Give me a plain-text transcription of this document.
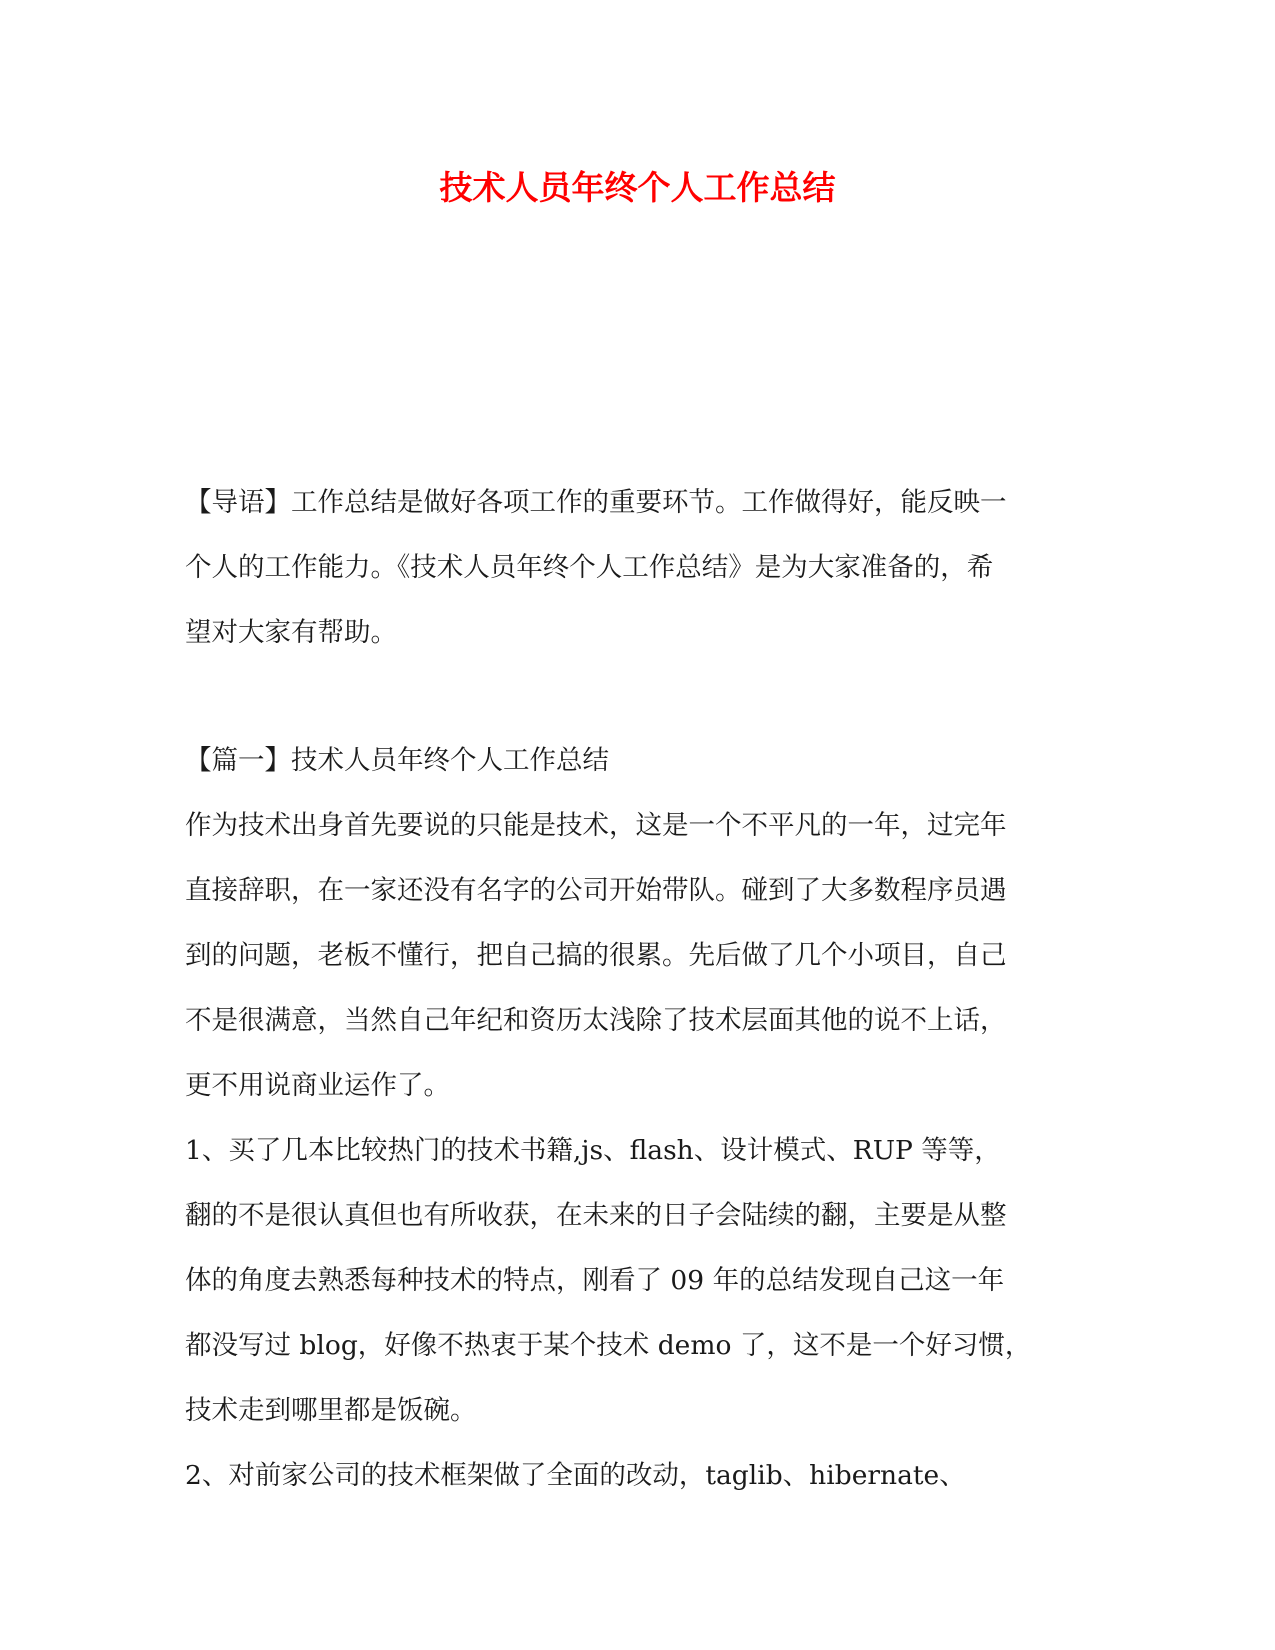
技术人员年终个人工作总结
【导语】工作总结是做好各项工作的重要环节。工作做得好，能反映一
个人的工作能力。《技术人员年终个人工作总结》是为大家准备的，希
望对大家有帮助。
【篇一】技术人员年终个人工作总结
作为技术出身首先要说的只能是技术，这是一个不平凡的一年，过完年
直接辞职，在一家还没有名字的公司开始带队。碰到了大多数程序员遇
到的问题，老板不懂行，把自己搞的很累。先后做了几个小项目，自己
不是很满意，当然自己年纪和资历太浅除了技术层面其他的说不上话，
更不用说商业运作了。
1、买了几本比较热门的技术书籍,js、flash、设计模式、RUP 等等，
翻的不是很认真但也有所收获，在未来的日子会陆续的翻，主要是从整
体的角度去熟悉每种技术的特点，刚看了 09 年的总结发现自己这一年
都没写过 blog，好像不热衷于某个技术 demo 了，这不是一个好习惯，
技术走到哪里都是饭碗。
2、对前家公司的技术框架做了全面的改动，taglib、hibernate、
